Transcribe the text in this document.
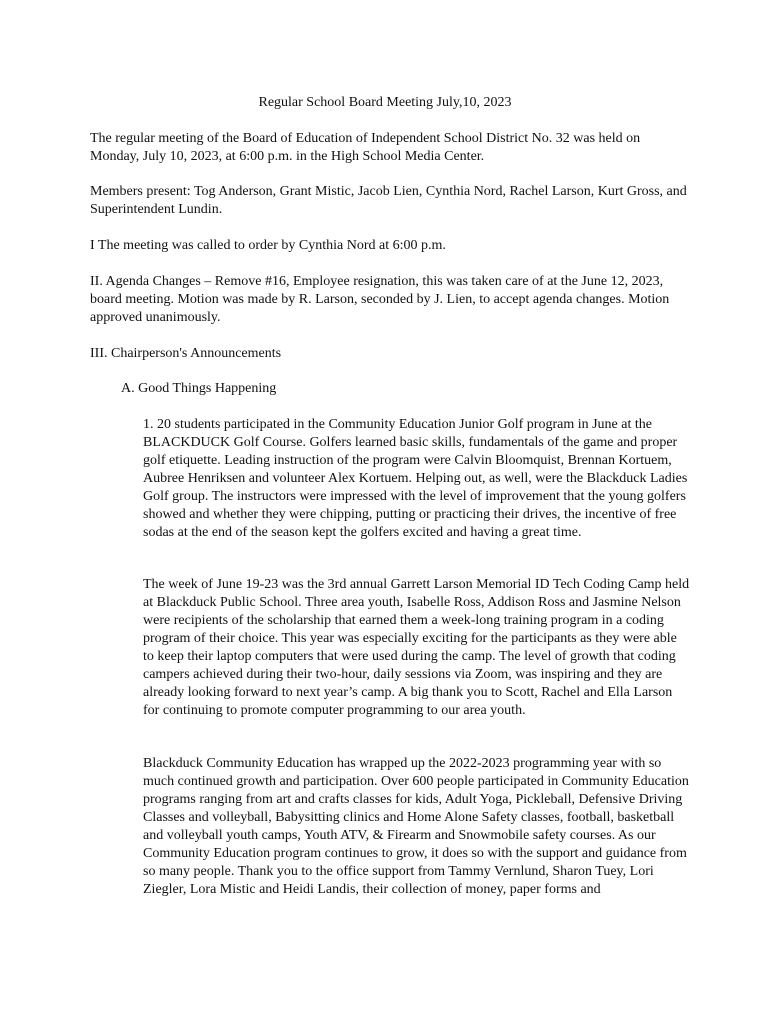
Regular School Board Meeting July,10, 2023
The regular meeting of the Board of Education of Independent School District No. 32 was held on Monday, July 10, 2023, at 6:00 p.m. in the High School Media Center.
Members present: Tog Anderson, Grant Mistic, Jacob Lien, Cynthia Nord, Rachel Larson, Kurt Gross, and Superintendent Lundin.
I The meeting was called to order by Cynthia Nord at 6:00 p.m.
II. Agenda Changes – Remove #16, Employee resignation, this was taken care of at the June 12, 2023, board meeting. Motion was made by R. Larson, seconded by J. Lien, to accept agenda changes. Motion approved unanimously.
III. Chairperson's Announcements
A. Good Things Happening
1. 20 students participated in the Community Education Junior Golf program in June at the BLACKDUCK Golf Course. Golfers learned basic skills, fundamentals of the game and proper golf etiquette. Leading instruction of the program were Calvin Bloomquist, Brennan Kortuem, Aubree Henriksen and volunteer Alex Kortuem. Helping out, as well, were the Blackduck Ladies Golf group. The instructors were impressed with the level of improvement that the young golfers showed and whether they were chipping, putting or practicing their drives, the incentive of free sodas at the end of the season kept the golfers excited and having a great time.
The week of June 19-23 was the 3rd annual Garrett Larson Memorial ID Tech Coding Camp held at Blackduck Public School. Three area youth, Isabelle Ross, Addison Ross and Jasmine Nelson were recipients of the scholarship that earned them a week-long training program in a coding program of their choice. This year was especially exciting for the participants as they were able to keep their laptop computers that were used during the camp. The level of growth that coding campers achieved during their two-hour, daily sessions via Zoom, was inspiring and they are already looking forward to next year’s camp. A big thank you to Scott, Rachel and Ella Larson for continuing to promote computer programming to our area youth.
Blackduck Community Education has wrapped up the 2022-2023 programming year with so much continued growth and participation. Over 600 people participated in Community Education programs ranging from art and crafts classes for kids, Adult Yoga, Pickleball, Defensive Driving Classes and volleyball, Babysitting clinics and Home Alone Safety classes, football, basketball and volleyball youth camps, Youth ATV, & Firearm and Snowmobile safety courses. As our Community Education program continues to grow, it does so with the support and guidance from so many people. Thank you to the office support from Tammy Vernlund, Sharon Tuey, Lori Ziegler, Lora Mistic and Heidi Landis, their collection of money, paper forms and
